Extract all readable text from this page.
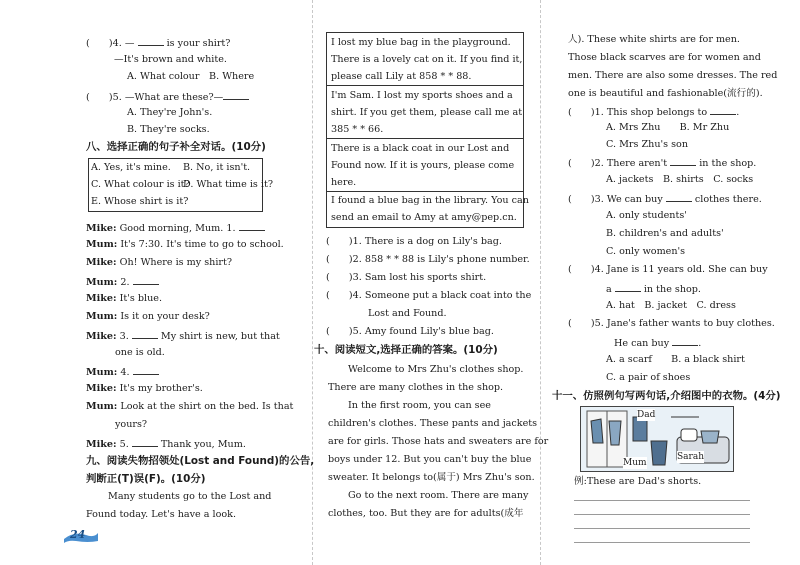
(　　)4. —	is your shirt?
—It's brown and white.
A. What colour　 B. Where
(　　)5. —What are these?—
A. They're John's.
B. They're socks.
八、选择正确的句子补全对话。(10分)
A. Yes, it's mine. B. No, it isn't.
C. What colour is it?
D. What time is it?
E. Whose shirt is it?
Mike: Good morning, Mum. 1.
Mum: It's 7:30. It's time to go to school.
Mike: Oh! Where is my shirt?
Mum: 2.
Mike: It's blue.
Mum: Is it on your desk?
Mike: 3.	My shirt is new, but that
one is old.
Mum: 4.
Mike: It's my brother's.
Mum: Look at the shirt on the bed. Is that
yours?
Mike: 5.	Thank you, Mum.
九、阅读失物招领处(Lost and Found)的公告,
判断正(T)误(F)。(10分)
Many students go to the Lost and
Found today. Let's have a look.
24
I lost my blue bag in the playground.
There is a lovely cat on it. If you find it,
please call Lily at 858 * * 88.
I'm Sam. I lost my sports shoes and a
shirt. If you get them, please call me at
385 * * 66.
There is a black coat in our Lost and
Found now. If it is yours, please come
here.
I found a blue bag in the library. You can
send an email to Amy at amy@pep.cn.
(　　)1. There is a dog on Lily's bag.
(　　)2. 858 * * 88 is Lily's phone number.
(　　)3. Sam lost his sports shirt.
(　　)4. Someone put a black coat into the
Lost and Found.
(　　)5. Amy found Lily's blue bag.
十、阅读短文,选择正确的答案。(10分)
Welcome to Mrs Zhu's clothes shop.
There are many clothes in the shop.
In the first room, you can see
children's clothes. These pants and jackets
are for girls. Those hats and sweaters are for
boys under 12. But you can't buy the blue
sweater. It belongs to(属于) Mrs Zhu's son.
Go to the next room. There are many
clothes, too. But they are for adults(成年
人). These white shirts are for men.
Those black scarves are for women and
men. There are also some dresses. The red
one is beautiful and fashionable(流行的).
(　　)1. This shop belongs to	.
A. Mrs Zhu　　 B. Mr Zhu
C. Mrs Zhu's son
(　　)2. There aren't	in the shop.
A. jackets　 B. shirts　 C. socks
(　　)3. We can buy	clothes there.
A. only students'
B. children's and adults'
C. only women's
(　　)4. Jane is 11 years old. She can buy
a	in the shop.
A. hat　 B. jacket　 C. dress
(　　)5. Jane's father wants to buy clothes.
He can buy	.
A. a scarf　　 B. a black shirt
C. a pair of shoes
十一、仿照例句写两句话,介绍图中的衣物。(4分)
Dad
Mum
Sarah
例:These are Dad's shorts.
